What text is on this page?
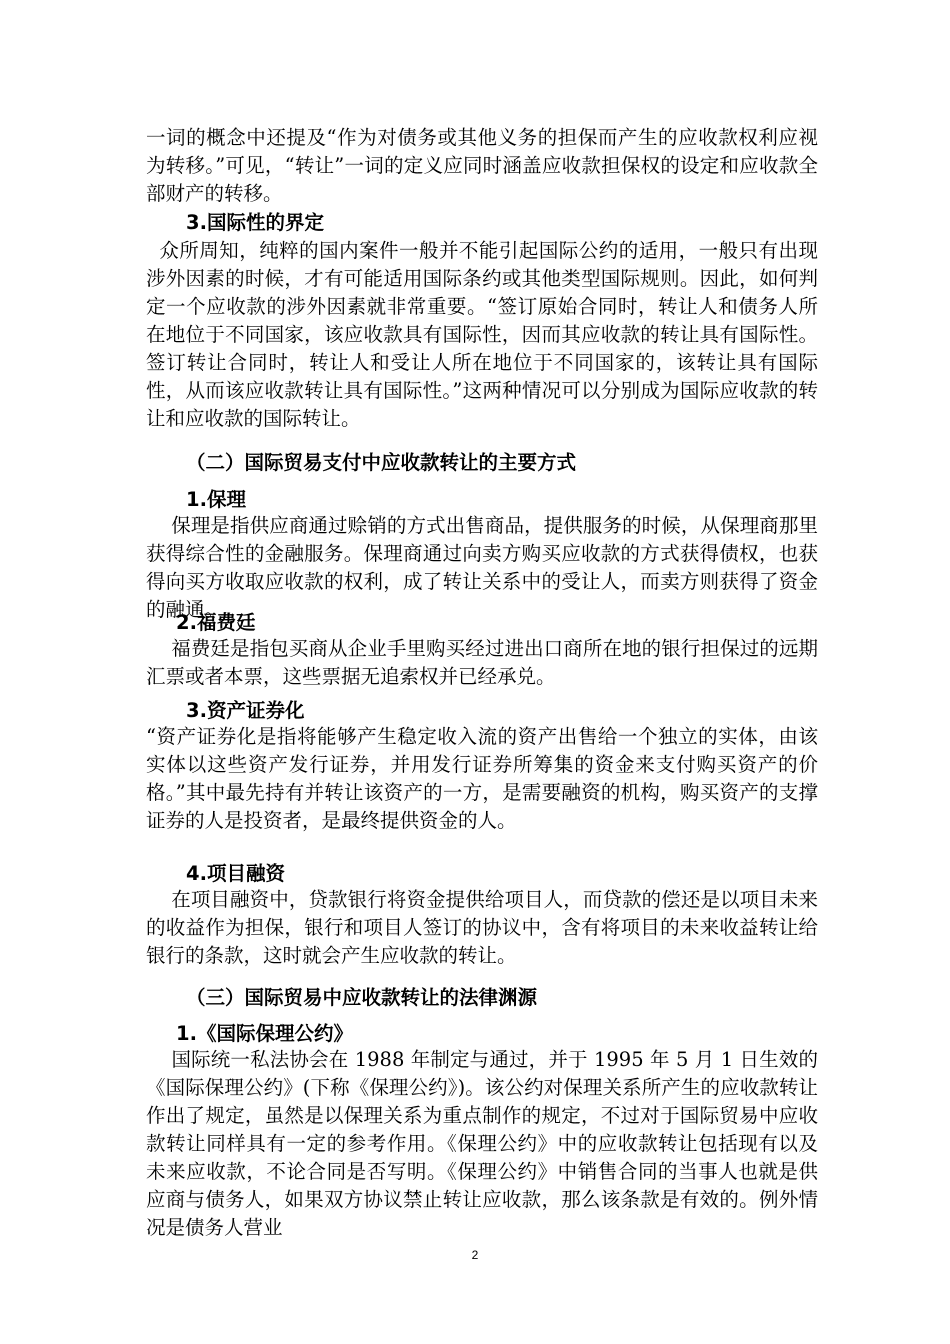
一词的概念中还提及“作为对债务或其他义务的担保而产生的应收款权利应视为转移。”可见，“转让”一词的定义应同时涵盖应收款担保权的设定和应收款全部财产的转移。

3.国际性的界定

众所周知，纯粹的国内案件一般并不能引起国际公约的适用，一般只有出现涉外因素的时候，才有可能适用国际条约或其他类型国际规则。因此，如何判定一个应收款的涉外因素就非常重要。“签订原始合同时，转让人和债务人所在地位于不同国家，该应收款具有国际性，因而其应收款的转让具有国际性。签订转让合同时，转让人和受让人所在地位于不同国家的，该转让具有国际性，从而该应收款转让具有国际性。”这两种情况可以分别成为国际应收款的转让和应收款的国际转让。

（二）国际贸易支付中应收款转让的主要方式
1.保理

保理是指供应商通过赊销的方式出售商品，提供服务的时候，从保理商那里获得综合性的金融服务。保理商通过向卖方购买应收款的方式获得债权，也获得向买方收取应收款的权利，成了转让关系中的受让人，而卖方则获得了资金的融通。

2.福费廷

福费廷是指包买商从企业手里购买经过进出口商所在地的银行担保过的远期汇票或者本票，这些票据无追索权并已经承兑。

3.资产证券化

“资产证券化是指将能够产生稳定收入流的资产出售给一个独立的实体，由该实体以这些资产发行证券，并用发行证券所筹集的资金来支付购买资产的价格。”其中最先持有并转让该资产的一方，是需要融资的机构，购买资产的支撑证券的人是投资者，是最终提供资金的人。

4.项目融资

在项目融资中，贷款银行将资金提供给项目人，而贷款的偿还是以项目未来的收益作为担保，银行和项目人签订的协议中，含有将项目的未来收益转让给银行的条款，这时就会产生应收款的转让。

（三）国际贸易中应收款转让的法律渊源
1.《国际保理公约》

国际统一私法协会在 1988 年制定与通过，并于 1995 年 5 月 1 日生效的《国际保理公约》(下称《保理公约》)。该公约对保理关系所产生的应收款转让作出了规定，虽然是以保理关系为重点制作的规定，不过对于国际贸易中应收款转让同样具有一定的参考作用。《保理公约》中的应收款转让包括现有以及未来应收款，不论合同是否写明。《保理公约》中销售合同的当事人也就是供应商与债务人，如果双方协议禁止转让应收款，那么该条款是有效的。例外情况是债务人营业

2
